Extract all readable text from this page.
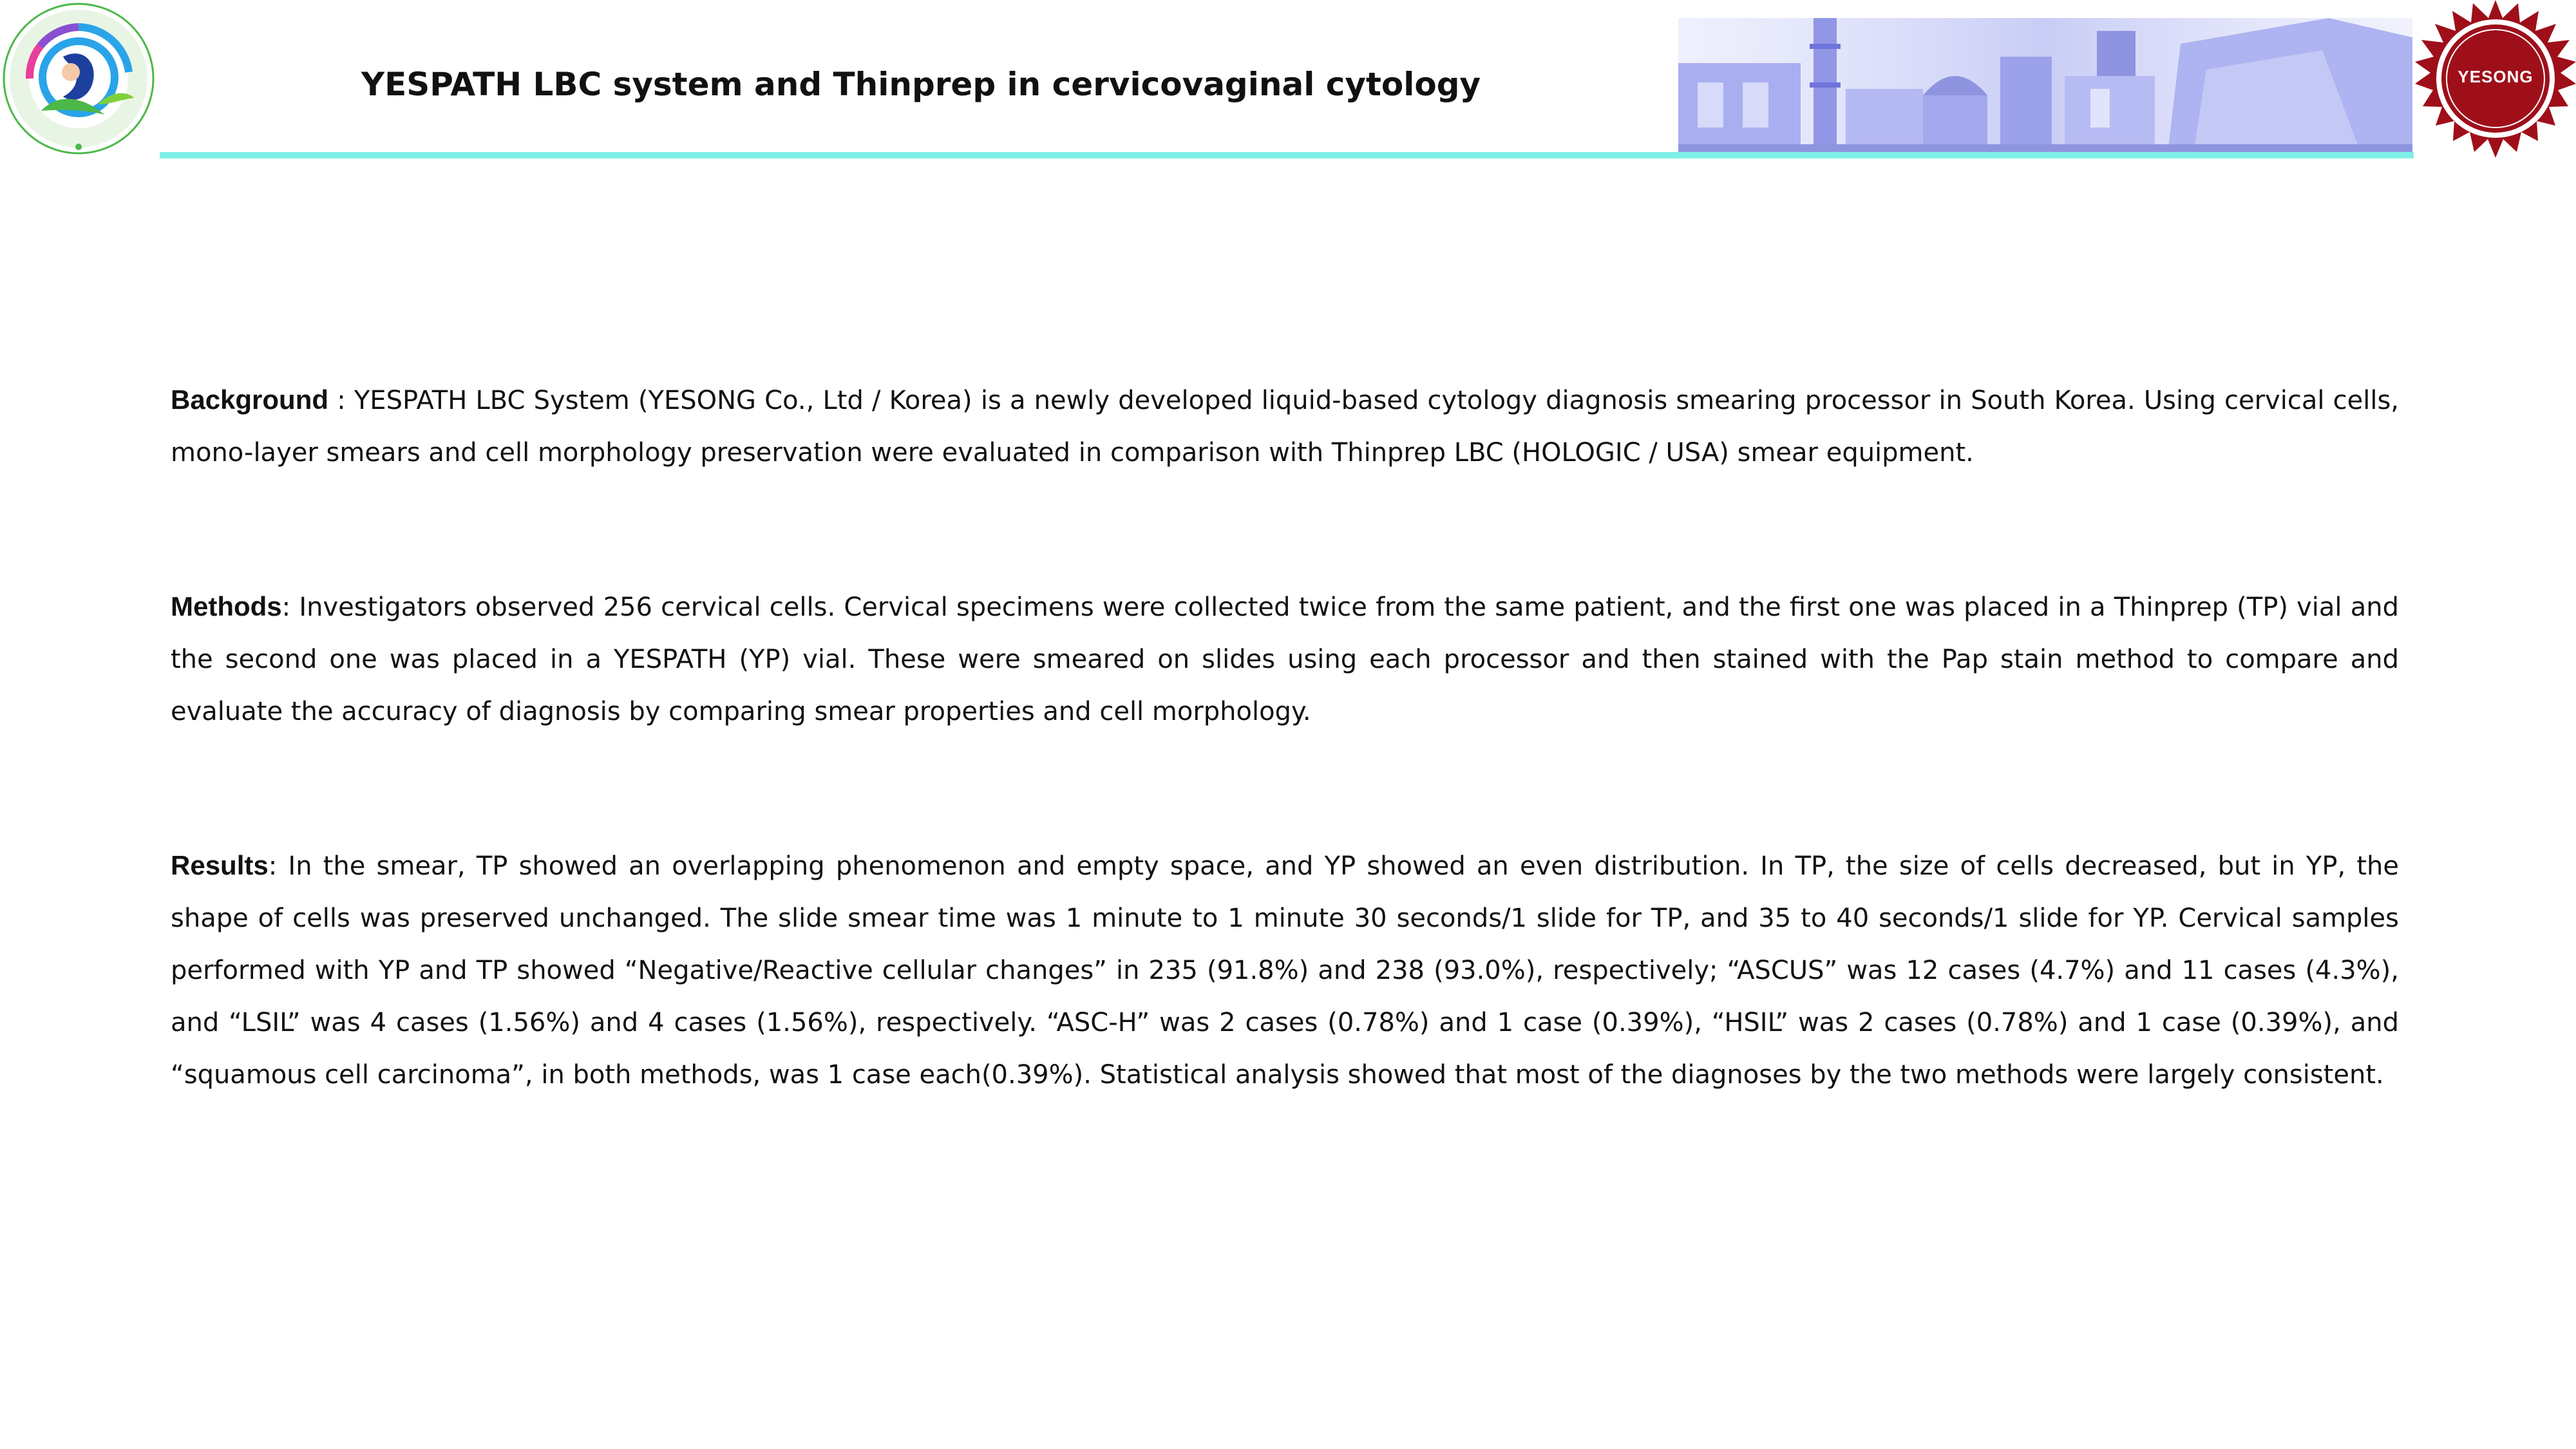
YESPATH LBC system and Thinprep in cervicovaginal cytology	YESONG

Background : YESPATH LBC System (YESONG Co., Ltd / Korea) is a newly developed liquid-based cytology diagnosis smearing processor in South Korea. Using cervical cells, mono-layer smears and cell morphology preservation were evaluated in comparison with Thinprep LBC (HOLOGIC / USA) smear equipment.

Methods: Investigators observed 256 cervical cells. Cervical specimens were collected twice from the same patient, and the first one was placed in a Thinprep (TP) vial and the second one was placed in a YESPATH (YP) vial. These were smeared on slides using each processor and then stained with the Pap stain method to compare and evaluate the accuracy of diagnosis by comparing smear properties and cell morphology.

Results: In the smear, TP showed an overlapping phenomenon and empty space, and YP showed an even distribution. In TP, the size of cells decreased, but in YP, the shape of cells was preserved unchanged. The slide smear time was 1 minute to 1 minute 30 seconds/1 slide for TP, and 35 to 40 seconds/1 slide for YP. Cervical samples performed with YP and TP showed “Negative/Reactive cellular changes” in 235 (91.8%) and 238 (93.0%), respectively; “ASCUS” was 12 cases (4.7%) and 11 cases (4.3%), and “LSIL” was 4 cases (1.56%) and 4 cases (1.56%), respectively. “ASC-H” was 2 cases (0.78%) and 1 case (0.39%), “HSIL” was 2 cases (0.78%) and 1 case (0.39%), and “squamous cell carcinoma”, in both methods, was 1 case each(0.39%). Statistical analysis showed that most of the diagnoses by the two methods were largely consistent.
